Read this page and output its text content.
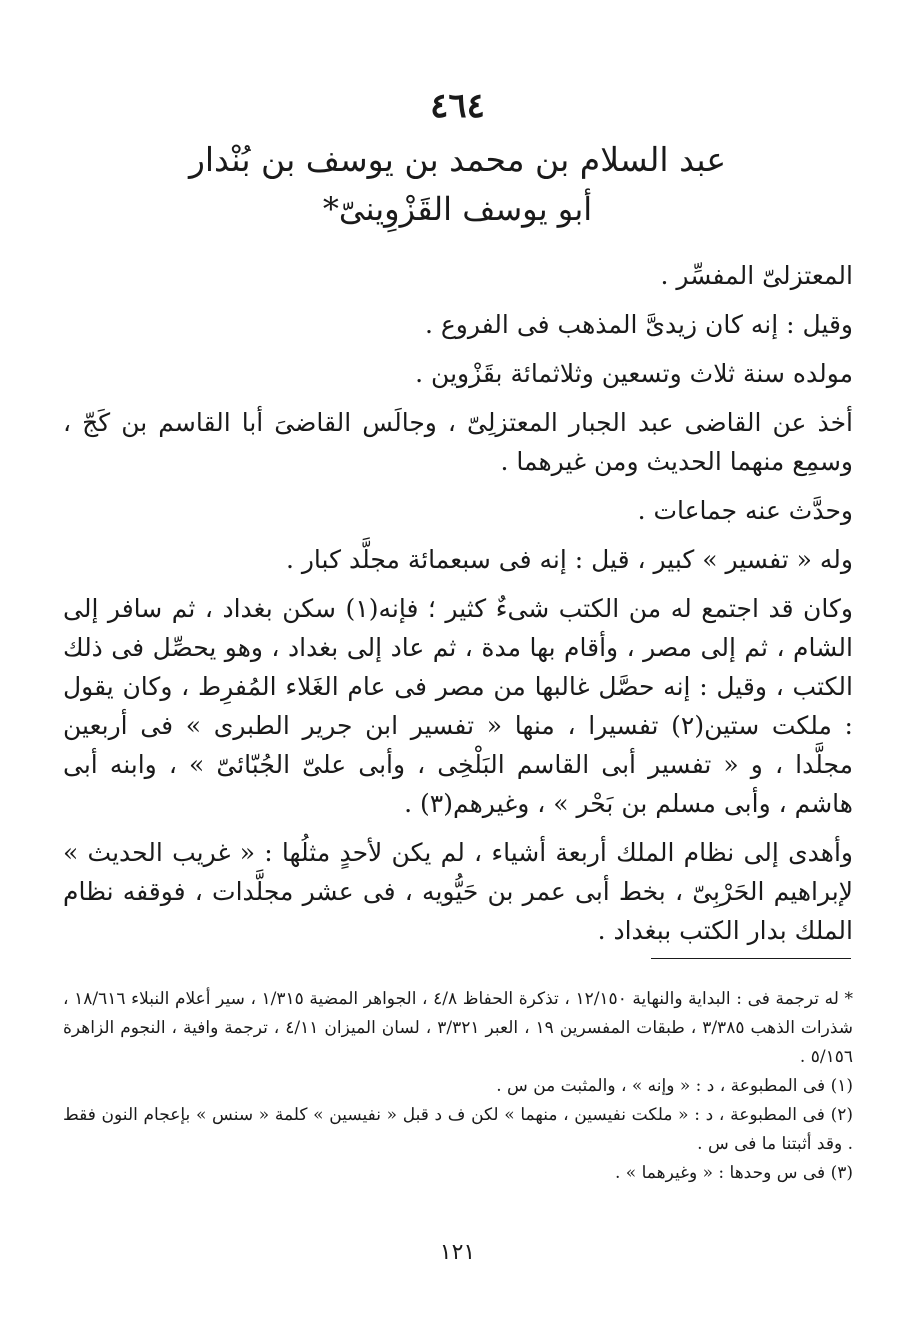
٤٦٤
عبد السلام بن محمد بن يوسف بن بُنْدار
أبو يوسف القَزْوِينىّ*

المعتزلىّ المفسِّر .

وقيل : إنه كان زيدىَّ المذهب فى الفروع .

مولده سنة ثلاث وتسعين وثلاثمائة بقَزْوين .

أخذ عن القاضى عبد الجبار المعتزلِىّ ، وجالَس القاضىَ أبا القاسم بن كَجّ ، وسمِع منهما الحديث ومن غيرهما .

وحدَّث عنه جماعات .

وله « تفسير » كبير ، قيل : إنه فى سبعمائة مجلَّد كبار .

وكان قد اجتمع له من الكتب شىءٌ كثير ؛ فإنه(١) سكن بغداد ، ثم سافر إلى الشام ، ثم إلى مصر ، وأقام بها مدة ، ثم عاد إلى بغداد ، وهو يحصِّل فى ذلك الكتب ، وقيل : إنه حصَّل غالبها من مصر فى عام الغَلاء المُفرِط ، وكان يقول : ملكت ستين(٢) تفسيرا ، منها « تفسير ابن جرير الطبرى » فى أربعين مجلَّدا ، و « تفسير أبى القاسم البَلْخِى ، وأبى علىّ الجُبّائىّ » ، وابنه أبى هاشم ، وأبى مسلم بن بَحْر » ، وغيرهم(٣) .

وأهدى إلى نظام الملك أربعة أشياء ، لم يكن لأحدٍ مثلُها : « غريب الحديث » لإبراهيم الحَرْبِىّ ، بخط أبى عمر بن حَيُّويه ، فى عشر مجلَّدات ، فوقفه نظام الملك بدار الكتب ببغداد .

* له ترجمة فى : البداية والنهاية ١٢/١٥٠ ، تذكرة الحفاظ ٤/٨ ، الجواهر المضية ١/٣١٥ ، سير أعلام النبلاء ١٨/٦١٦ ، شذرات الذهب ٣/٣٨٥ ، طبقات المفسرين ١٩ ، العبر ٣/٣٢١ ، لسان الميزان ٤/١١ ، ترجمة وافية ، النجوم الزاهرة ٥/١٥٦ .

(١) فى المطبوعة ، د : « وإنه » ، والمثبت من س .

(٢) فى المطبوعة ، د : « ملكت نفيسين ، منهما » لكن ف د قبل « نفيسين » كلمة « سنس » بإعجام النون فقط . وقد أثبتنا ما فى س .

(٣) فى س وحدها : « وغيرهما » .

١٢١
